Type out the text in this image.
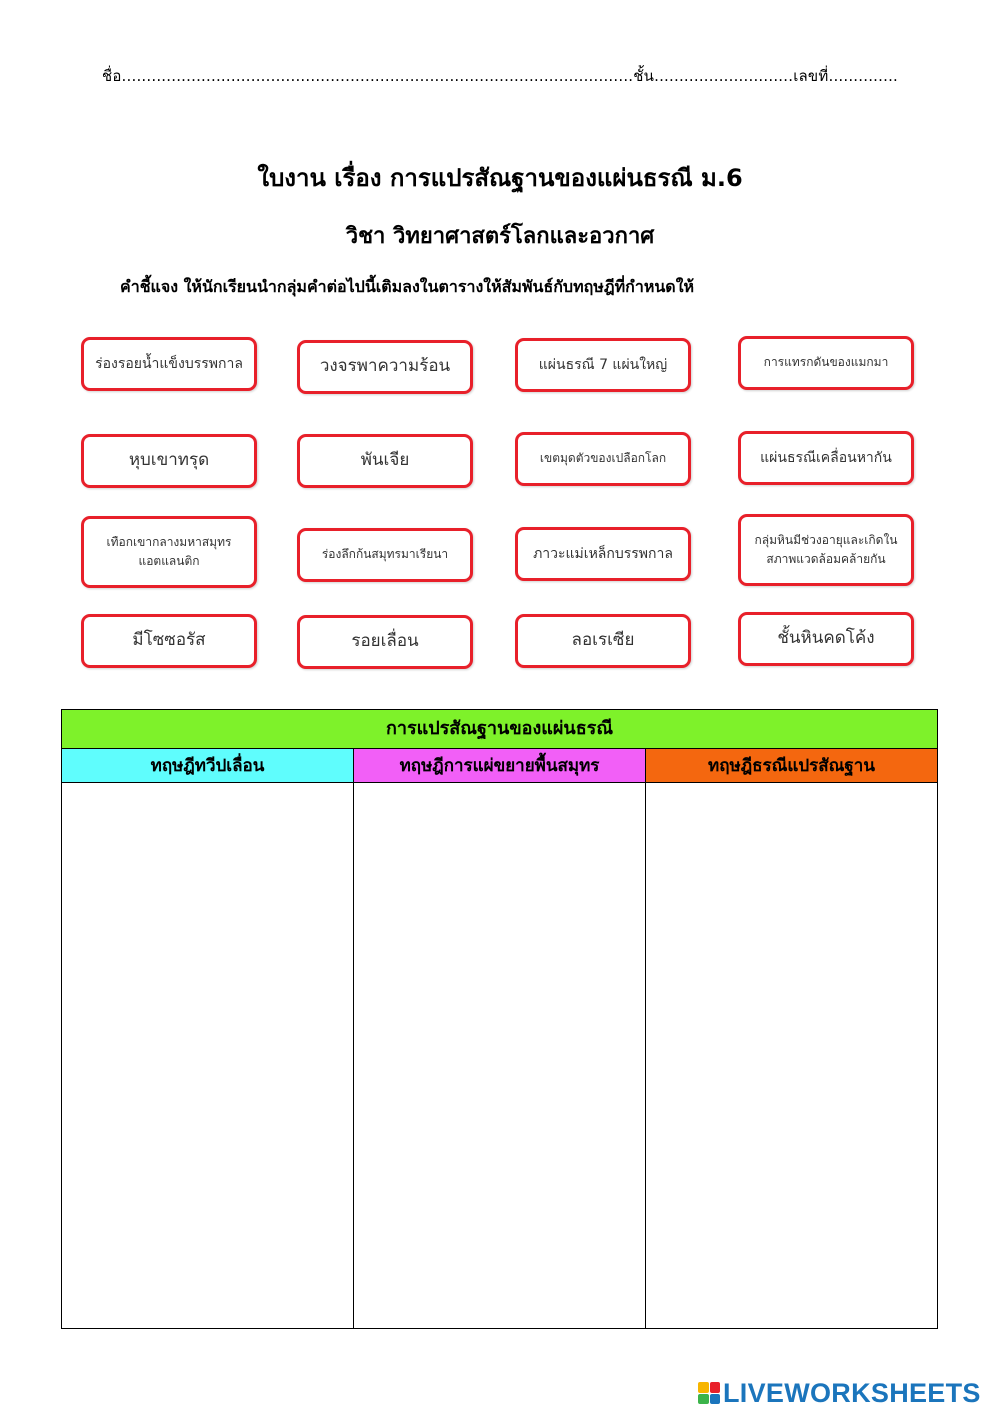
ชื่อ.......................................................................................................ชั้น............................เลขที่..............
ใบงาน เรื่อง การแปรสัณฐานของแผ่นธรณี ม.6
วิชา วิทยาศาสตร์โลกและอวกาศ
คำชี้แจง ให้นักเรียนนำกลุ่มคำต่อไปนี้เติมลงในตารางให้สัมพันธ์กับทฤษฎีที่กำหนดให้
ร่องรอยน้ำแข็งบรรพกาล	วงจรพาความร้อน	แผ่นธรณี 7 แผ่นใหญ่	การแทรกดันของแมกมา
หุบเขาทรุด	พันเจีย	เขตมุดตัวของเปลือกโลก	แผ่นธรณีเคลื่อนหากัน
เทือกเขากลางมหาสมุทรแอตแลนติก	ร่องลึกก้นสมุทรมาเรียนา	ภาวะแม่เหล็กบรรพกาล
กลุ่มหินมีช่วงอายุและเกิดในสภาพแวดล้อมคล้ายกัน
มีโซซอรัส	รอยเลื่อน	ลอเรเซีย	ชั้นหินคดโค้ง
การแปรสัณฐานของแผ่นธรณี
ทฤษฎีทวีปเลื่อน	ทฤษฎีการแผ่ขยายพื้นสมุทร	ทฤษฎีธรณีแปรสัณฐาน
LIVEWORKSHEETS
